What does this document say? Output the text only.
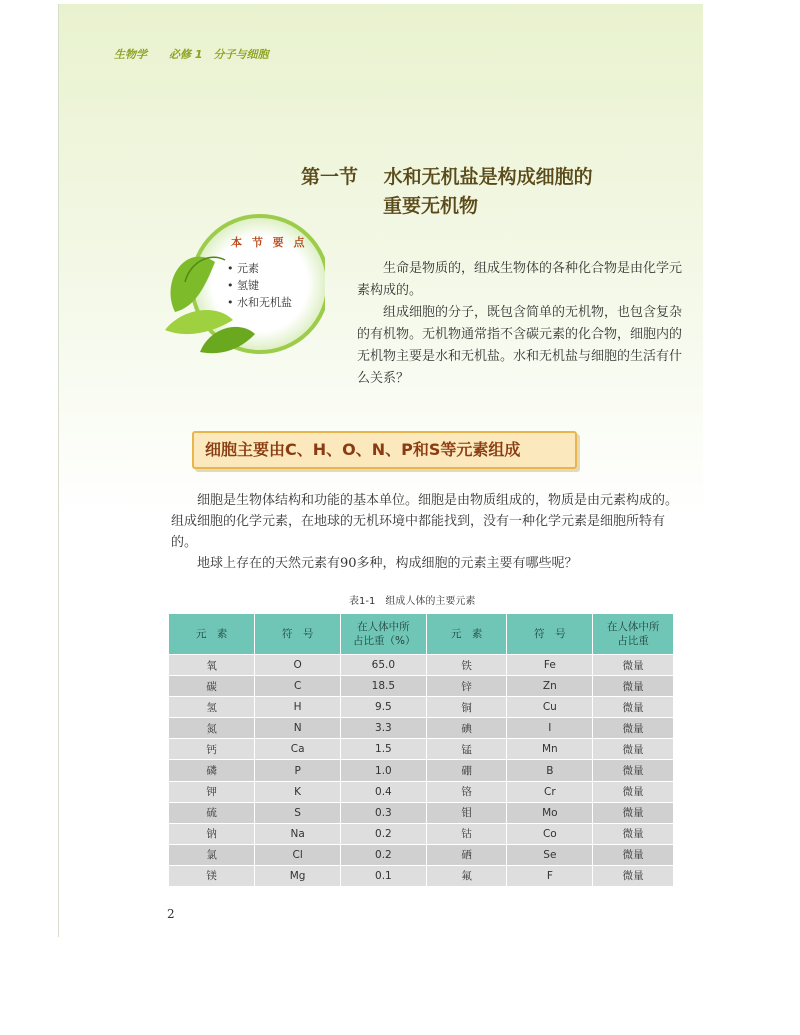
生物学　　必修 1　分子与细胞
第一节　 水和无机盐是构成细胞的
重要无机物
本 节 要 点
• 元素
• 氢键
• 水和无机盐

生命是物质的，组成生物体的各种化合物是由化学元素构成的。

组成细胞的分子，既包含简单的无机物，也包含复杂的有机物。无机物通常指不含碳元素的化合物，细胞内的无机物主要是水和无机盐。水和无机盐与细胞的生活有什么关系？

细胞主要由C、H、O、N、P和S等元素组成

细胞是生物体结构和功能的基本单位。细胞是由物质组成的，物质是由元素构成的。组成细胞的化学元素，在地球的无机环境中都能找到，没有一种化学元素是细胞所特有的。

地球上存在的天然元素有90多种，构成细胞的元素主要有哪些呢？

表1-1　组成人体的主要元素
元　素	符　号	在人体中所占比重（%）	元　素	符　号	在人体中所占比重
氧	O	65.0	铁	Fe	微量
碳	C	18.5	锌	Zn	微量
氢	H	9.5	铜	Cu	微量
氮	N	3.3	碘	I	微量
钙	Ca	1.5	锰	Mn	微量
磷	P	1.0	硼	B	微量
钾	K	0.4	铬	Cr	微量
硫	S	0.3	钼	Mo	微量
钠	Na	0.2	钴	Co	微量
氯	Cl	0.2	硒	Se	微量
镁	Mg	0.1	氟	F	微量
2
